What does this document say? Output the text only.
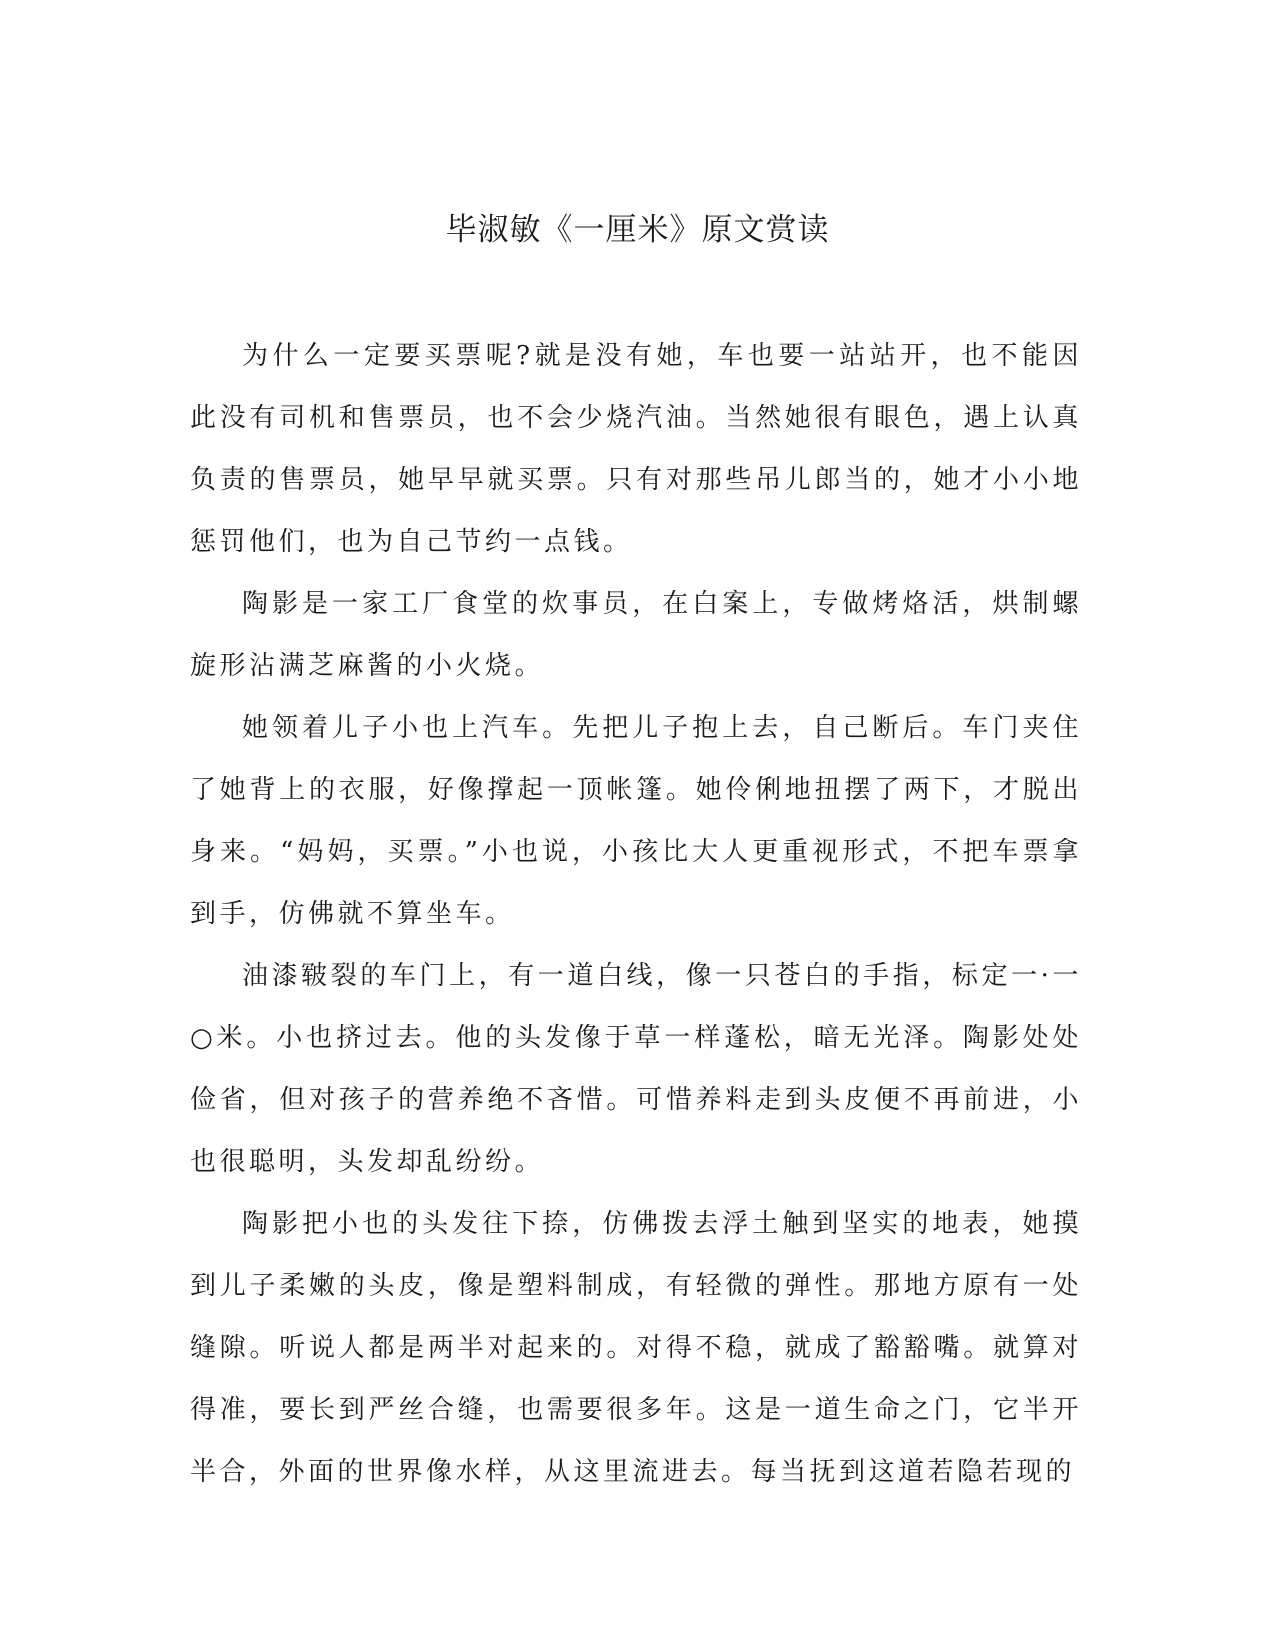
毕淑敏《一厘米》原文赏读

为什么一定要买票呢?就是没有她，车也要一站站开，也不能因此没有司机和售票员，也不会少烧汽油。当然她很有眼色，遇上认真负责的售票员，她早早就买票。只有对那些吊儿郎当的，她才小小地惩罚他们，也为自己节约一点钱。

陶影是一家工厂食堂的炊事员，在白案上，专做烤烙活，烘制螺旋形沾满芝麻酱的小火烧。

她领着儿子小也上汽车。先把儿子抱上去，自己断后。车门夹住了她背上的衣服，好像撑起一顶帐篷。她伶俐地扭摆了两下，才脱出身来。“妈妈，买票。”小也说，小孩比大人更重视形式，不把车票拿到手，仿佛就不算坐车。

油漆皲裂的车门上，有一道白线，像一只苍白的手指，标定一·一○米。小也挤过去。他的头发像于草一样蓬松，暗无光泽。陶影处处俭省，但对孩子的营养绝不吝惜。可惜养料走到头皮便不再前进，小也很聪明，头发却乱纷纷。

陶影把小也的头发往下捺，仿佛拨去浮土触到坚实的地表，她摸到儿子柔嫩的头皮，像是塑料制成，有轻微的弹性。那地方原有一处缝隙。听说人都是两半对起来的。对得不稳，就成了豁豁嘴。就算对得准，要长到严丝合缝，也需要很多年。这是一道生命之门，它半开半合，外面的世界像水样，从这里流进去。每当抚到这道若隐若现的
